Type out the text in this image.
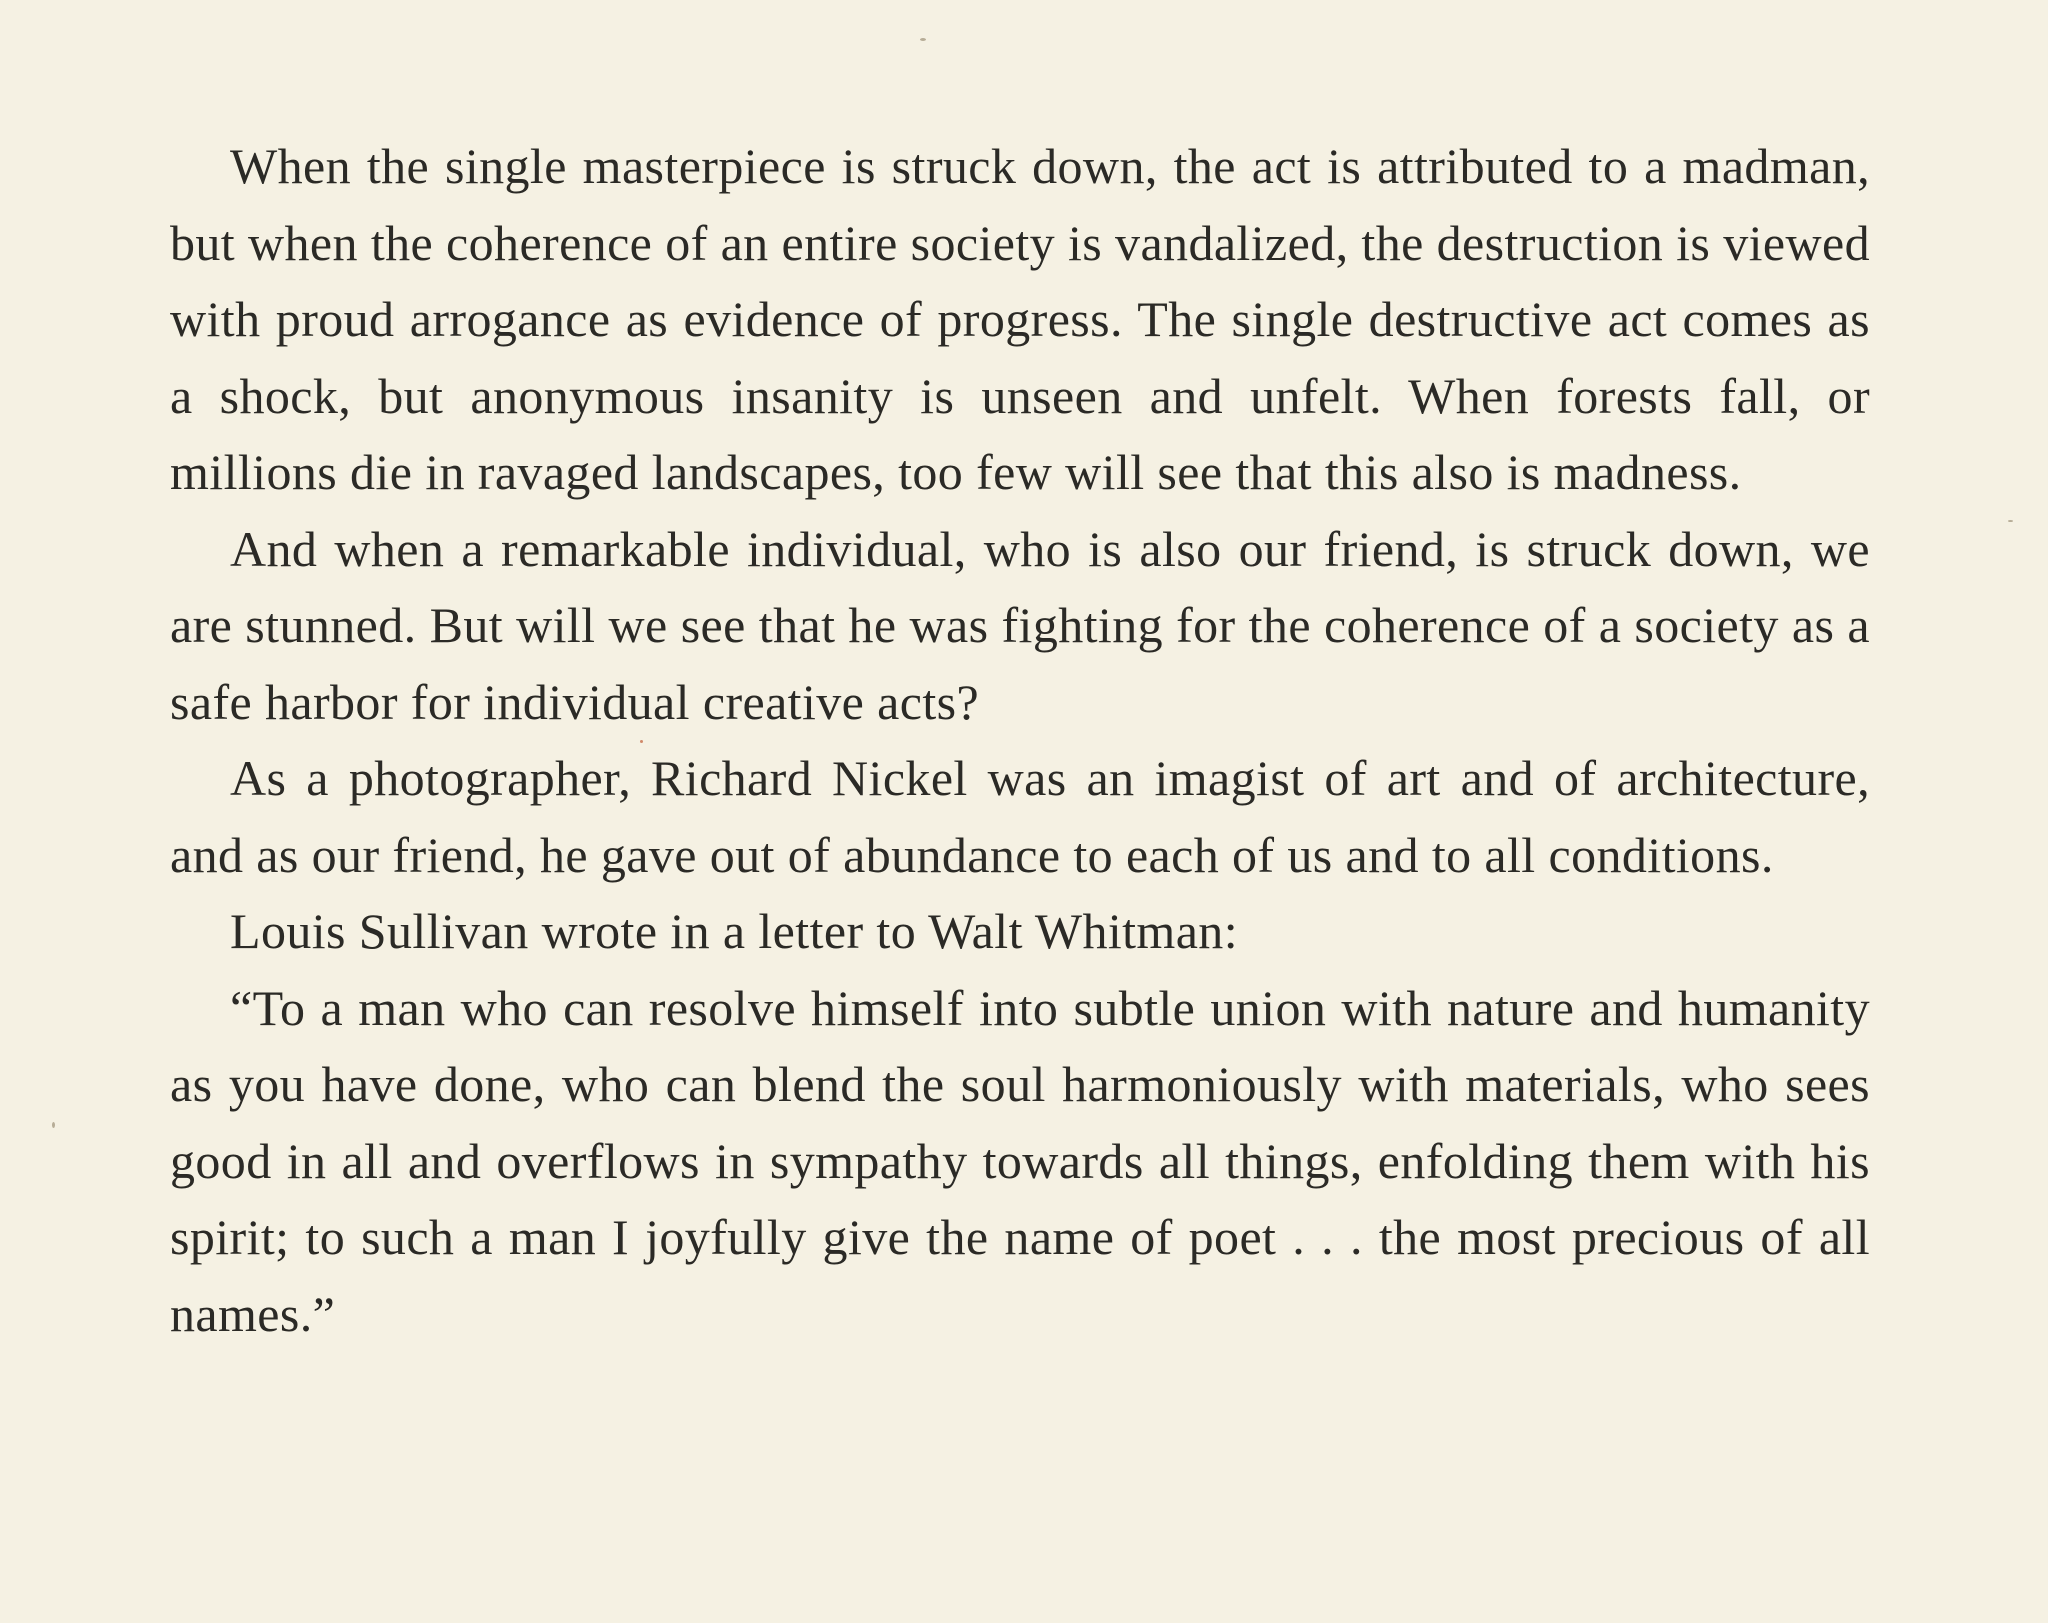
When the single masterpiece is struck down, the act is attributed to a madman, but when the coherence of an entire society is vandalized, the destruction is viewed with proud arrogance as evidence of progress. The single destructive act comes as a shock, but anonymous insanity is unseen and unfelt. When forests fall, or millions die in ravaged landscapes, too few will see that this also is madness.

And when a remarkable individual, who is also our friend, is struck down, we are stunned. But will we see that he was fighting for the coherence of a society as a safe harbor for individual creative acts?

As a photographer, Richard Nickel was an imagist of art and of architecture, and as our friend, he gave out of abundance to each of us and to all conditions.

Louis Sullivan wrote in a letter to Walt Whitman:

“To a man who can resolve himself into subtle union with nature and humanity as you have done, who can blend the soul harmoniously with materials, who sees good in all and overflows in sympathy towards all things, enfolding them with his spirit; to such a man I joyfully give the name of poet . . . the most precious of all names.”
